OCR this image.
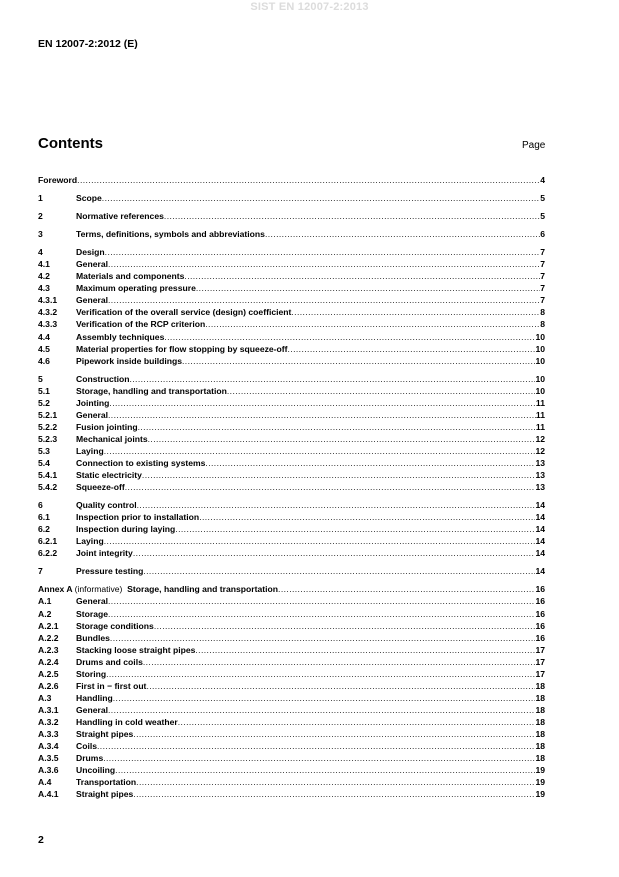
SIST EN 12007-2:2013
EN 12007-2:2012 (E)
Contents	Page
Foreword .....	4
1	Scope .....	5
2	Normative references .....	5
3	Terms, definitions, symbols and abbreviations .....	6
4	Design .....	7
4.1	General .....	7
4.2	Materials and components .....	7
4.3	Maximum operating pressure .....	7
4.3.1	General .....	7
4.3.2	Verification of the overall service (design) coefficient .....	8
4.3.3	Verification of the RCP criterion .....	8
4.4	Assembly techniques .....	10
4.5	Material properties for flow stopping by squeeze-off .....	10
4.6	Pipework inside buildings .....	10
5	Construction .....	10
5.1	Storage, handling and transportation .....	10
5.2	Jointing .....	11
5.2.1	General .....	11
5.2.2	Fusion jointing .....	11
5.2.3	Mechanical joints .....	12
5.3	Laying .....	12
5.4	Connection to existing systems .....	13
5.4.1	Static electricity .....	13
5.4.2	Squeeze-off .....	13
6	Quality control .....	14
6.1	Inspection prior to installation .....	14
6.2	Inspection during laying .....	14
6.2.1	Laying .....	14
6.2.2	Joint integrity .....	14
7	Pressure testing .....	14
Annex A (informative) Storage, handling and transportation .....	16
A.1	General .....	16
A.2	Storage .....	16
A.2.1	Storage conditions .....	16
A.2.2	Bundles .....	16
A.2.3	Stacking loose straight pipes .....	17
A.2.4	Drums and coils .....	17
A.2.5	Storing .....	17
A.2.6	First in − first out .....	18
A.3	Handling .....	18
A.3.1	General .....	18
A.3.2	Handling in cold weather .....	18
A.3.3	Straight pipes .....	18
A.3.4	Coils .....	18
A.3.5	Drums .....	18
A.3.6	Uncoiling .....	19
A.4	Transportation .....	19
A.4.1	Straight pipes .....	19
2
